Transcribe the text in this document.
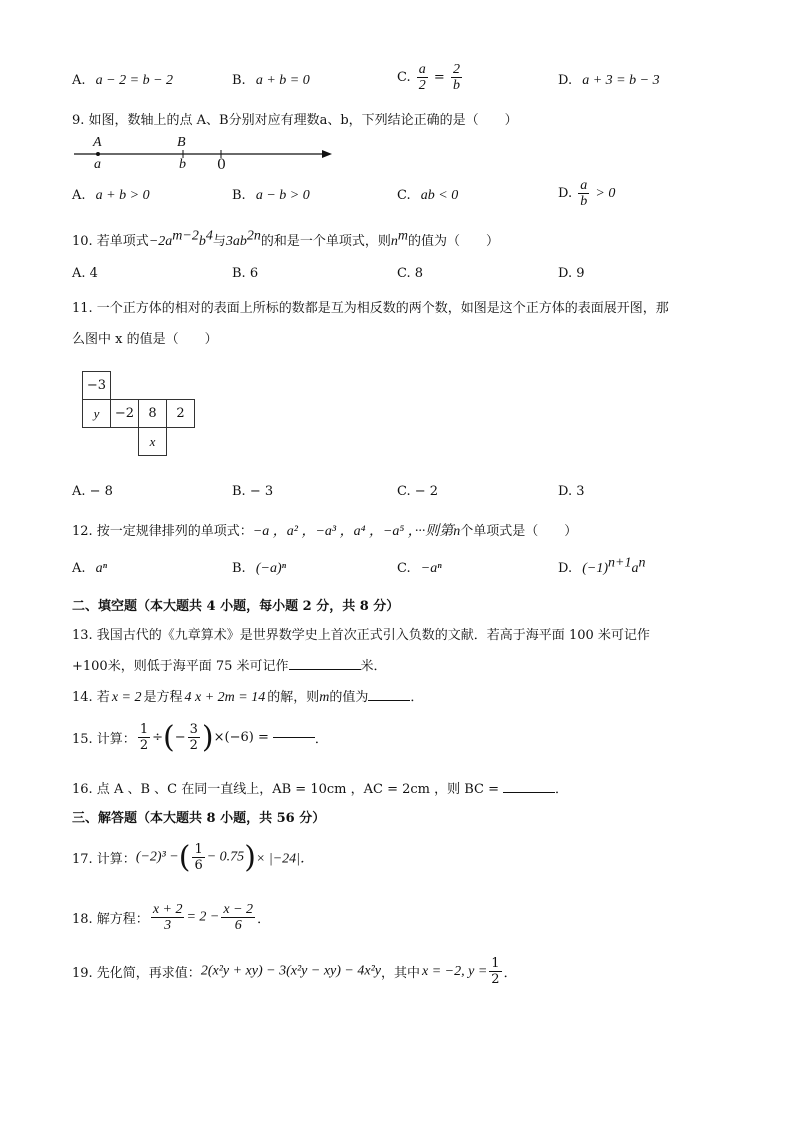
A. a − 2 = b − 2	B. a + b = 0	C. $\frac{a}{2} = \frac{2}{b}$	D. a + 3 = b − 3
9. 如图，数轴上的点 A、B分别对应有理数a、b，下列结论正确的是（　　）
A
a
B
b 0
A. a + b > 0	B. a − b > 0	C. ab < 0	D. $\frac{a}{b} > 0$
10. 若单项式$-2a^{m-2}b^4$与$3ab^{2n}$的和是一个单项式，则$n^m$的值为（　　）
A. 4	B. 6	C. 8	D. 9
11. 一个正方体的相对的表面上所标的数都是互为相反数的两个数，如图是这个正方体的表面展开图，那
么图中 x 的值是（　　）
−3			
y	−2	8	2
		x	
A. − 8	B. − 3	C. − 2	D. 3
12. 按一定规律排列的单项式：−a ，a² ，−a³ ，a⁴ ，−a⁵ ，···则第n个单项式是（　　）
A. aⁿ	B. (−a)ⁿ	C. −aⁿ	D. $(-1)^{n+1}a^n$
二、填空题（本大题共 4 小题，每小题 2 分，共 8 分）
13. 我国古代的《九章算术》是世界数学史上首次正式引入负数的文献．若高于海平面 100 米可记作
+100米，则低于海平面 75 米可记作	米．
14. 若 x = 2 是方程 4 x + 2m = 14 的解，则m的值为	．
15. 计算： $\frac{1}{2}$ ÷(− $\frac{3}{2} )\times(-6)$ =	．
16. 点 A 、B 、C 在同一直线上，AB = 10cm ，AC = 2cm ，则 BC =	．
三、解答题（本大题共 8 小题，共 56 分）
17. 计算：(−2)³ −( $\frac{1}{6} - 0.75)\times |-24|$．
18. 解方程： $\frac{x + 2}{3} = 2 - \frac{x - 2}{6}$ ．
19. 先化简，再求值：2(x²y + xy) − 3(x²y − xy) − 4x²y，其中 x = −2, $y = \frac{1}{2}$ ．
